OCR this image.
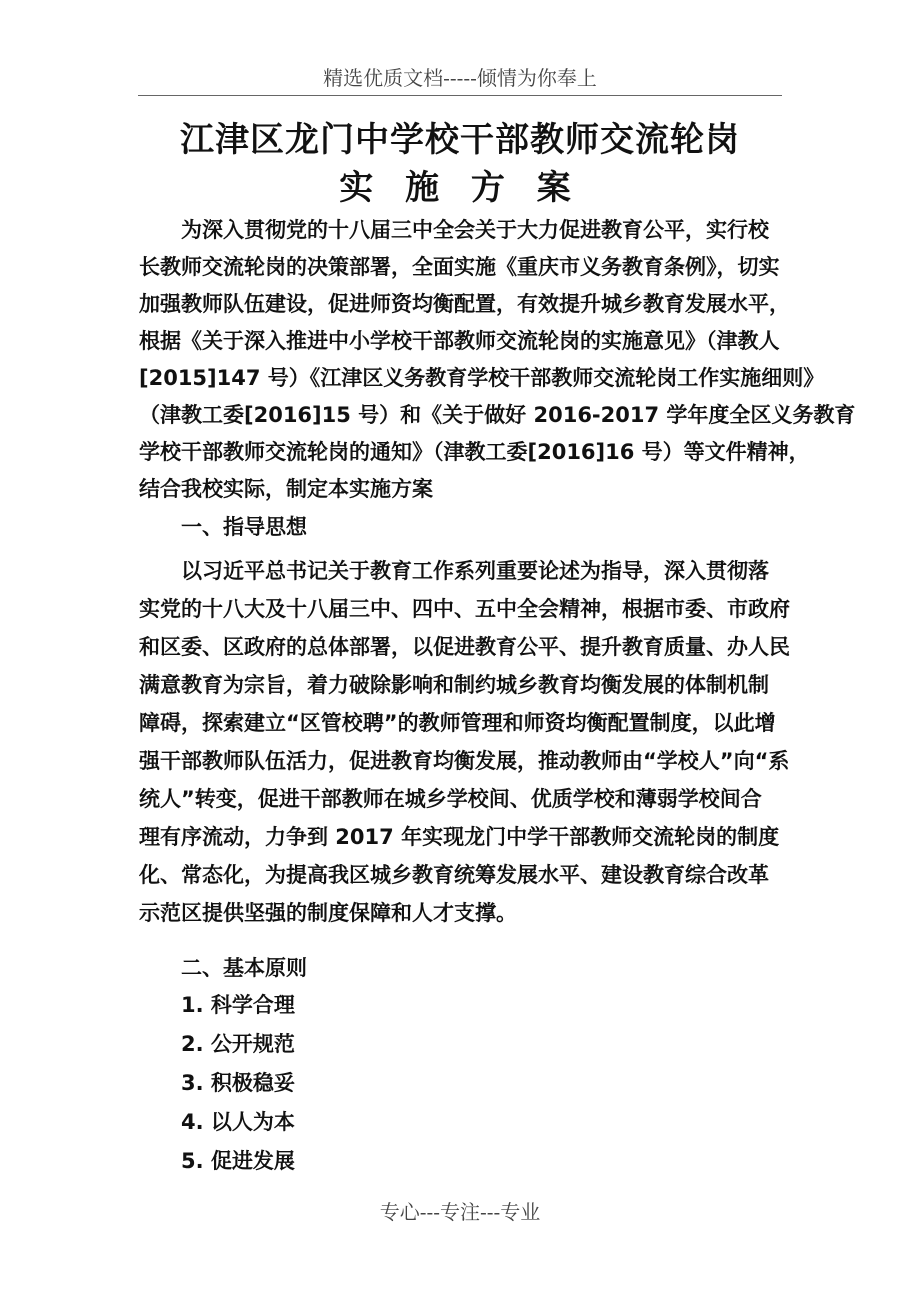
精选优质文档-----倾情为你奉上
江津区龙门中学校干部教师交流轮岗
实 施 方 案
为深入贯彻党的十八届三中全会关于大力促进教育公平，实行校
长教师交流轮岗的决策部署，全面实施《重庆市义务教育条例》，切实
加强教师队伍建设，促进师资均衡配置，有效提升城乡教育发展水平，
根据《关于深入推进中小学校干部教师交流轮岗的实施意见》（津教人
[2015]147 号）《江津区义务教育学校干部教师交流轮岗工作实施细则》
（津教工委[2016]15 号）和《关于做好 2016-2017 学年度全区义务教育
学校干部教师交流轮岗的通知》（津教工委[2016]16 号）等文件精神，
结合我校实际，制定本实施方案
一、指导思想
以习近平总书记关于教育工作系列重要论述为指导，深入贯彻落
实党的十八大及十八届三中、四中、五中全会精神，根据市委、市政府
和区委、区政府的总体部署，以促进教育公平、提升教育质量、办人民
满意教育为宗旨，着力破除影响和制约城乡教育均衡发展的体制机制
障碍，探索建立“区管校聘”的教师管理和师资均衡配置制度，以此增
强干部教师队伍活力，促进教育均衡发展，推动教师由“学校人”向“系
统人”转变，促进干部教师在城乡学校间、优质学校和薄弱学校间合
理有序流动，力争到 2017 年实现龙门中学干部教师交流轮岗的制度
化、常态化，为提高我区城乡教育统筹发展水平、建设教育综合改革
示范区提供坚强的制度保障和人才支撑。
二、基本原则
1. 科学合理
2. 公开规范
3. 积极稳妥
4. 以人为本
5. 促进发展
专心---专注---专业
